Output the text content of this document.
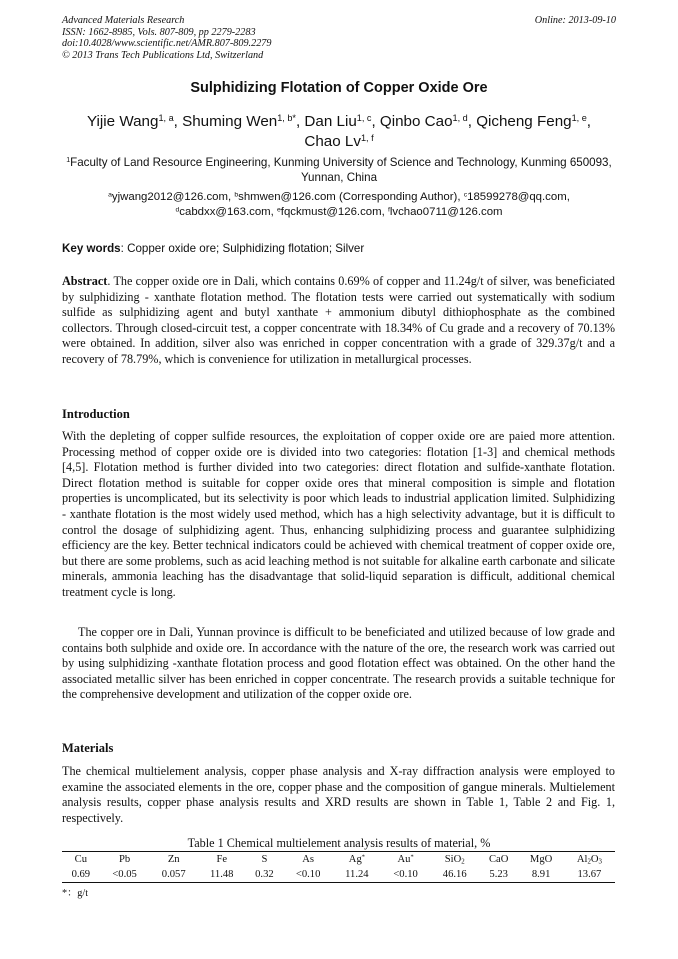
Advanced Materials Research
ISSN: 1662-8985, Vols. 807-809, pp 2279-2283
doi:10.4028/www.scientific.net/AMR.807-809.2279
© 2013 Trans Tech Publications Ltd, Switzerland
Online: 2013-09-10
Sulphidizing Flotation of Copper Oxide Ore
Yijie Wang$^{1, a}$, Shuming Wen$^{1, b*}$, Dan Liu$^{1, c}$, Qinbo Cao$^{1, d}$, Qicheng Feng$^{1, e}$,
Chao Lv$^{1, f}$
$^1$Faculty of Land Resource Engineering, Kunming University of Science and Technology, Kunming 650093, Yunnan, China
$^a$yjwang2012@126.com, $^b$shmwen@126.com (Corresponding Author), $^c$18599278@qq.com,
$^d$cabdxx@163.com, $^e$fqckmust@126.com, $^f$lvchao0711@126.com
Key words: Copper oxide ore; Sulphidizing flotation; Silver
Abstract. The copper oxide ore in Dali, which contains 0.69% of copper and 11.24g/t of silver, was beneficiated by sulphidizing - xanthate flotation method. The flotation tests were carried out systematically with sodium sulfide as sulphidizing agent and butyl xanthate + ammonium dibutyl dithiophosphate as the combined collectors. Through closed-circuit test, a copper concentrate with 18.34% of Cu grade and a recovery of 70.13% were obtained. In addition, silver also was enriched in copper concentration with a grade of 329.37g/t and a recovery of 78.79%, which is convenience for utilization in metallurgical processes.
Introduction
With the depleting of copper sulfide resources, the exploitation of copper oxide ore are paied more attention. Processing method of copper oxide ore is divided into two categories: flotation [1-3] and chemical methods [4,5]. Flotation method is further divided into two categories: direct flotation and sulfide-xanthate flotation. Direct flotation method is suitable for copper oxide ores that mineral composition is simple and flotation properties is uncomplicated, but its selectivity is poor which leads to industrial application limited. Sulphidizing - xanthate flotation is the most widely used method, which has a high selectivity advantage, but it is difficult to control the dosage of sulphidizing agent. Thus, enhancing sulphidizing process and guarantee sulphidizing efficiency are the key. Better technical indicators could be achieved with chemical treatment of copper oxide ore, but there are some problems, such as acid leaching method is not suitable for alkaline earth carbonate and silicate minerals, ammonia leaching has the disadvantage that solid-liquid separation is difficult, additional chemical treatment cycle is long.
The copper ore in Dali, Yunnan province is difficult to be beneficiated and utilized because of low grade and contains both sulphide and oxide ore. In accordance with the nature of the ore, the research work was carried out by using sulphidizing -xanthate flotation process and good flotation effect was obtained. On the other hand the associated metallic silver has been enriched in copper concentrate. The research provids a suitable technique for the comprehensive development and utilization of the copper oxide ore.
Materials
The chemical multielement analysis, copper phase analysis and X-ray diffraction analysis were employed to examine the associated elements in the ore, copper phase and the composition of gangue minerals. Multielement analysis results, copper phase analysis results and XRD results are shown in Table 1, Table 2 and Fig. 1, respectively.
Table 1 Chemical multielement analysis results of material, %
Cu	Pb	Zn	Fe	S	As	Ag*	Au*	SiO$_2$	CaO	MgO	$Al_2O_3$
0.69	<0.05	0.057	11.48	0.32	<0.10	11.24	<0.10	46.16	5.23	8.91	13.67
*：g/t
